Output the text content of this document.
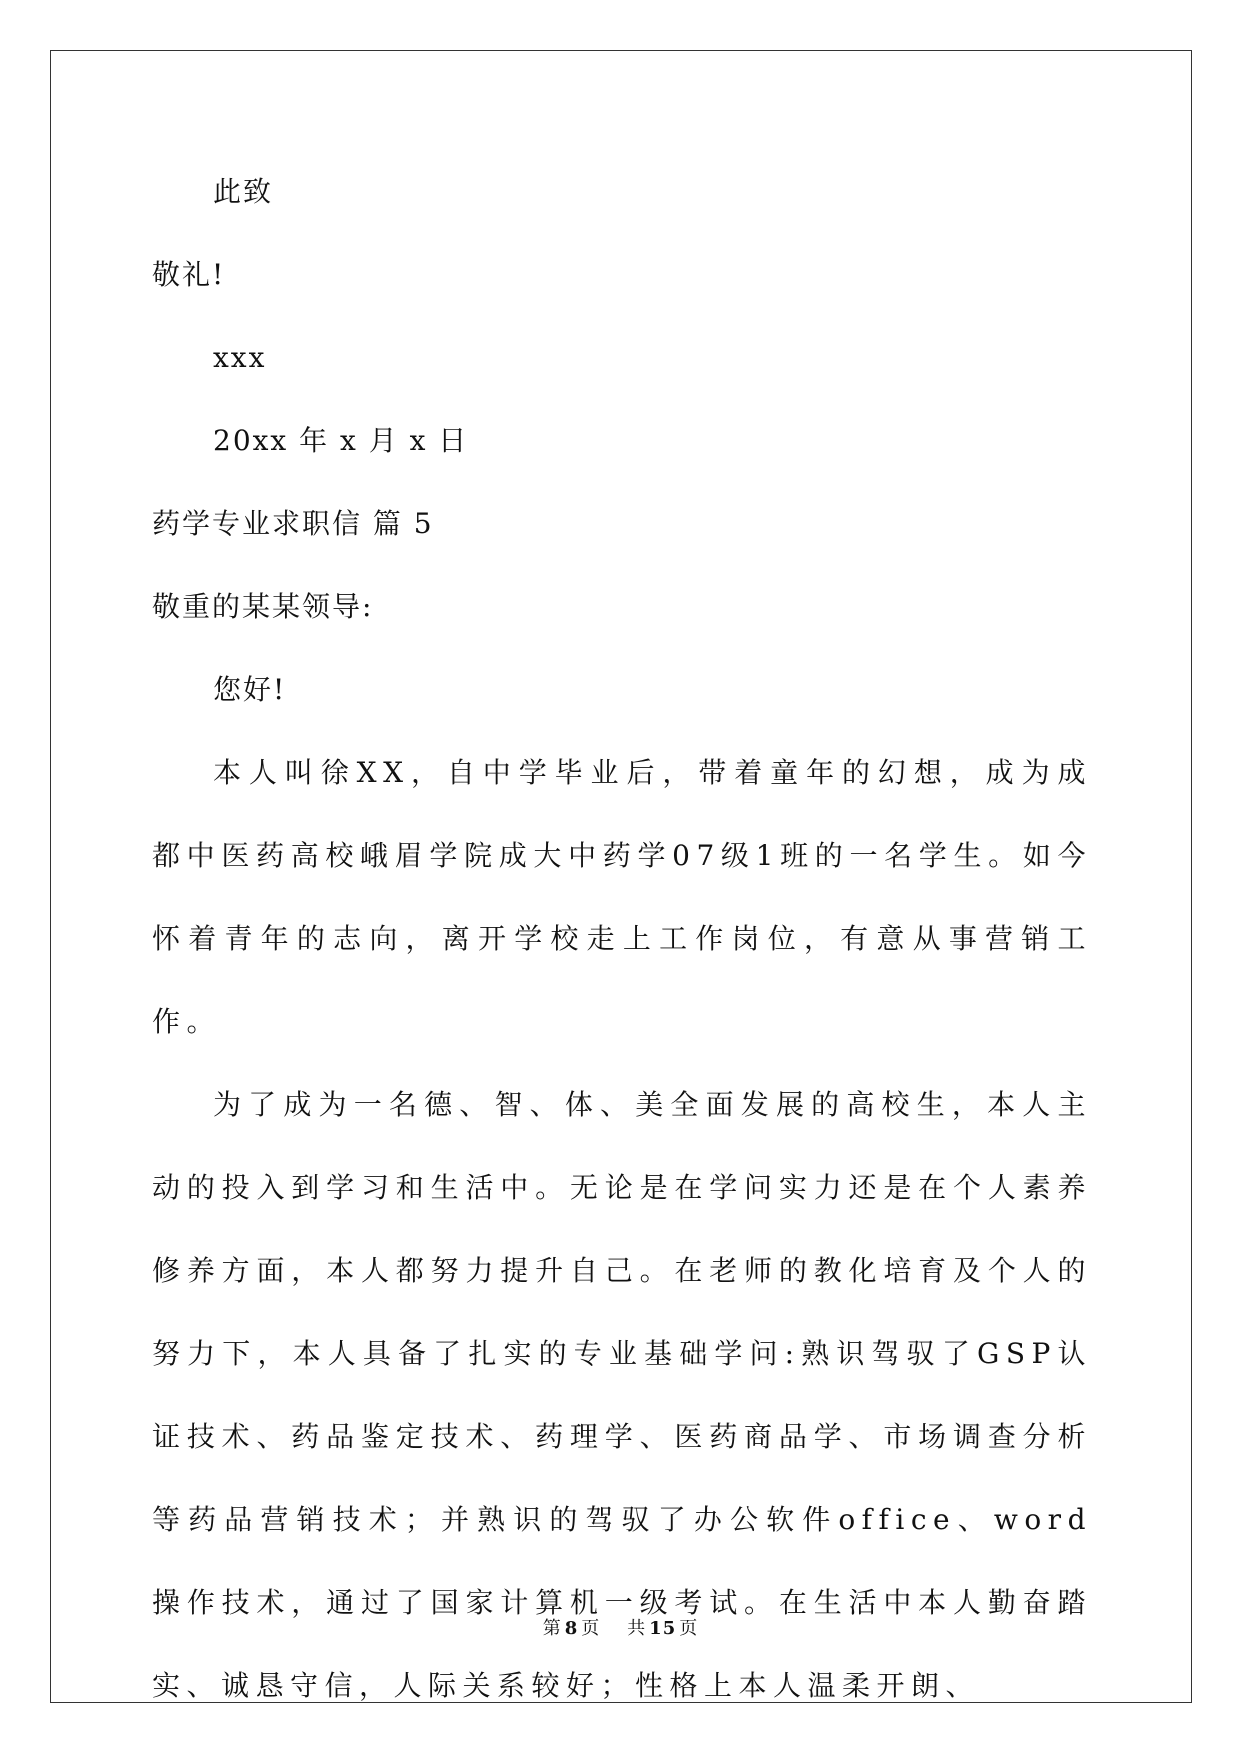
此致
敬礼!
xxx
20xx 年 x 月 x 日
药学专业求职信 篇 5
敬重的某某领导:
您好!

本人叫徐XX，自中学毕业后，带着童年的幻想，成为成都中医药高校峨眉学院成大中药学07级1班的一名学生。如今怀着青年的志向，离开学校走上工作岗位，有意从事营销工作。

为了成为一名德、智、体、美全面发展的高校生，本人主动的投入到学习和生活中。无论是在学问实力还是在个人素养修养方面，本人都努力提升自己。在老师的教化培育及个人的努力下，本人具备了扎实的专业基础学问:熟识驾驭了GSP认证技术、药品鉴定技术、药理学、医药商品学、市场调查分析等药品营销技术；并熟识的驾驭了办公软件office、word操作技术，通过了国家计算机一级考试。在生活中本人勤奋踏实、诚恳守信，人际关系较好；性格上本人温柔开朗、

第 8 页    共 15 页
